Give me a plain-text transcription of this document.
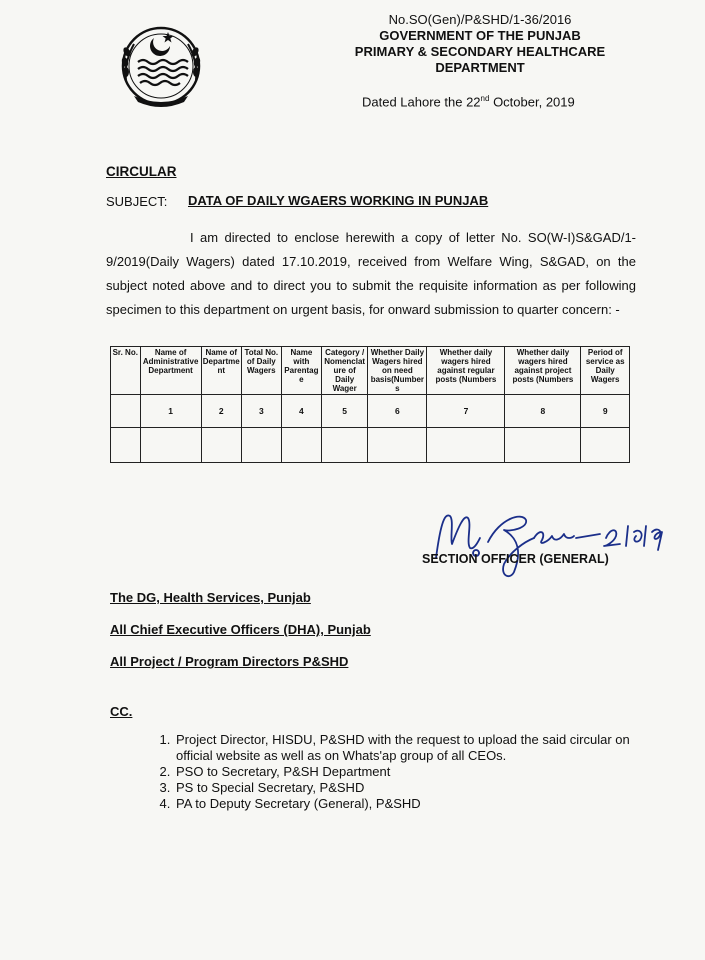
No.SO(Gen)/P&SHD/1-36/2016
GOVERNMENT OF THE PUNJAB
PRIMARY & SECONDARY HEALTHCARE
DEPARTMENT
Dated Lahore the 22nd October, 2019
CIRCULAR
SUBJECT: DATA OF DAILY WGAERS WORKING IN PUNJAB
I am directed to enclose herewith a copy of letter No. SO(W-I)S&GAD/1-9/2019(Daily Wagers) dated 17.10.2019, received from Welfare Wing, S&GAD, on the subject noted above and to direct you to submit the requisite information as per following specimen to this department on urgent basis, for onward submission to quarter concern: -
Sr. No.	Name of Administrative Department	Name of Department	Total No. of Daily Wagers	Name with Parentage	Category / Nomenclature of Daily Wager	Whether Daily Wagers hired on need basis(Numbers	Whether daily wagers hired against regular posts (Numbers	Whether daily wagers hired against project posts (Numbers	Period of service as Daily Wagers
	1	2	3	4	5	6	7	8	9

SECTION OFFICER (GENERAL)
The DG, Health Services, Punjab
All Chief Executive Officers (DHA), Punjab
All Project / Program Directors P&SHD
CC.
1. Project Director, HISDU, P&SHD with the request to upload the said circular on official website as well as on Whats'ap group of all CEOs.
2. PSO to Secretary, P&SH Department
3. PS to Special Secretary, P&SHD
4. PA to Deputy Secretary (General), P&SHD
